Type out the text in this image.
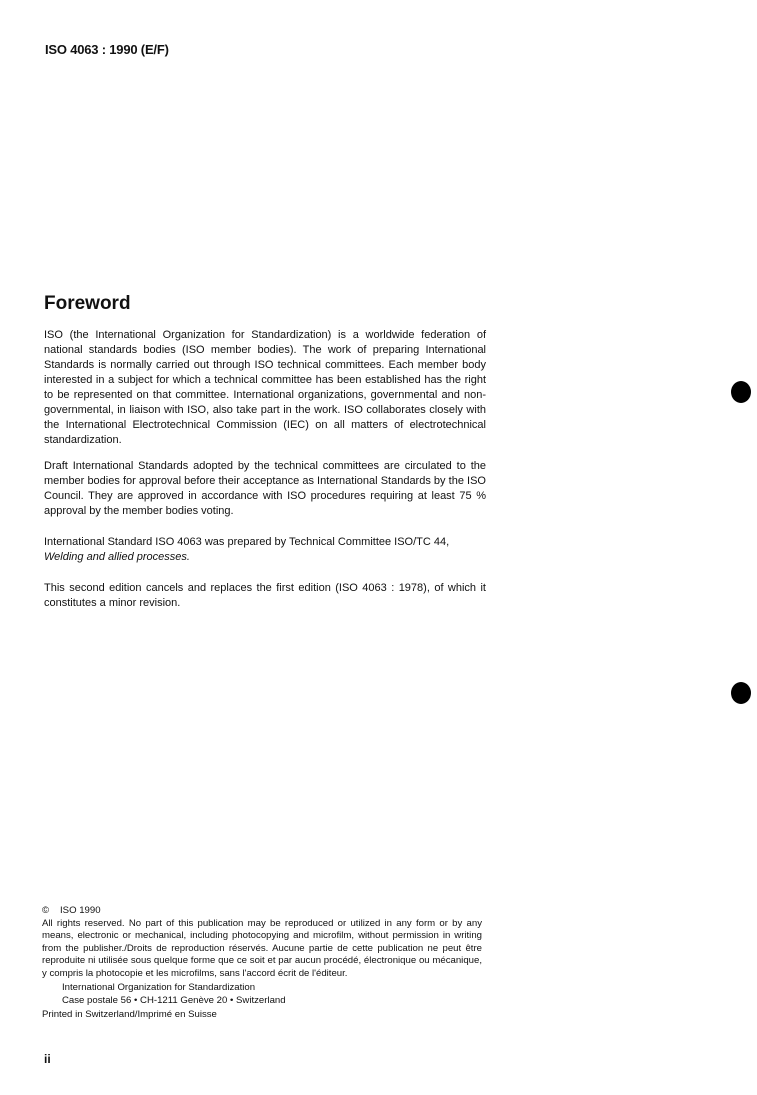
ISO 4063 : 1990 (E/F)
Foreword

ISO (the International Organization for Standardization) is a worldwide federation of national standards bodies (ISO member bodies). The work of preparing International Standards is normally carried out through ISO technical committees. Each member body interested in a subject for which a technical committee has been established has the right to be represented on that committee. International organizations, governmental and non-governmental, in liaison with ISO, also take part in the work. ISO collaborates closely with the International Electrotechnical Commission (IEC) on all matters of electrotechnical standardization.

Draft International Standards adopted by the technical committees are circulated to the member bodies for approval before their acceptance as International Standards by the ISO Council. They are approved in accordance with ISO procedures requiring at least 75 % approval by the member bodies voting.

International Standard ISO 4063 was prepared by Technical Committee ISO/TC 44,

Welding and allied processes.

This second edition cancels and replaces the first edition (ISO 4063 : 1978), of which it constitutes a minor revision.

© ISO 1990

All rights reserved. No part of this publication may be reproduced or utilized in any form or by any means, electronic or mechanical, including photocopying and microfilm, without permission in writing from the publisher./Droits de reproduction réservés. Aucune partie de cette publication ne peut être reproduite ni utilisée sous quelque forme que ce soit et par aucun procédé, électronique ou mécanique, y compris la photocopie et les microfilms, sans l'accord écrit de l'éditeur.

International Organization for Standardization

Case postale 56 • CH-1211 Genève 20 • Switzerland

Printed in Switzerland/Imprimé en Suisse

ii
